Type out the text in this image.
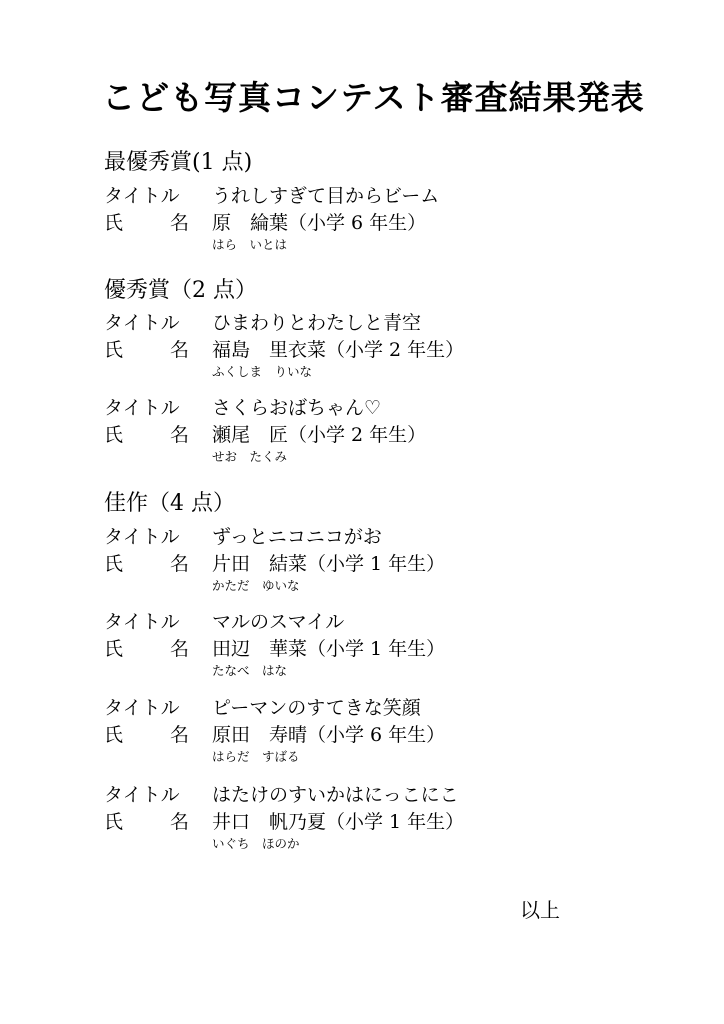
こども写真コンテスト審査結果発表
最優秀賞(1 点)
タイトル うれしすぎて目からビーム
氏 名 原　綸葉（小学 6 年生）
はら　いとは
優秀賞（2 点）
タイトル ひまわりとわたしと青空
氏 名 福島　里衣菜（小学 2 年生）
ふくしま　りいな
タイトル さくらおばちゃん♡
氏 名 瀬尾　匠（小学 2 年生）
せお　たくみ
佳作（4 点）
タイトル ずっとニコニコがお
氏 名 片田　結菜（小学 1 年生）
かただ　ゆいな
タイトル マルのスマイル
氏 名 田辺　華菜（小学 1 年生）
たなべ　はな
タイトル ピーマンのすてきな笑顔
氏 名 原田　寿晴（小学 6 年生）
はらだ　すばる
タイトル はたけのすいかはにっこにこ
氏 名 井口　帆乃夏（小学 1 年生）
いぐち　ほのか
以上
